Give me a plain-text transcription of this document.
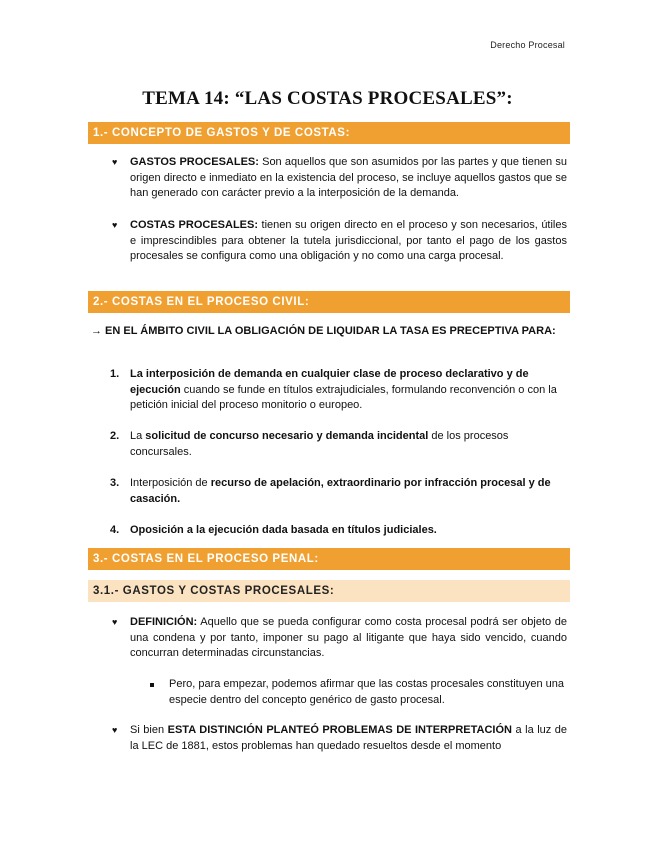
Derecho Procesal
TEMA 14: “LAS COSTAS PROCESALES”:
1.- CONCEPTO DE GASTOS Y DE COSTAS:
♥ GASTOS PROCESALES: Son aquellos que son asumidos por las partes y que tienen su origen directo e inmediato en la existencia del proceso, se incluye aquellos gastos que se han generado con carácter previo a la interposición de la demanda.
♥ COSTAS PROCESALES: tienen su origen directo en el proceso y son necesarios, útiles e imprescindibles para obtener la tutela jurisdiccional, por tanto el pago de los gastos procesales se configura como una obligación y no como una carga procesal.
2.- COSTAS EN EL PROCESO CIVIL:
→ EN EL ÁMBITO CIVIL LA OBLIGACIÓN DE LIQUIDAR LA TASA ES PRECEPTIVA PARA:
1. La interposición de demanda en cualquier clase de proceso declarativo y de ejecución cuando se funde en títulos extrajudiciales, formulando reconvención o con la petición inicial del proceso monitorio o europeo.
2. La solicitud de concurso necesario y demanda incidental de los procesos concursales.
3. Interposición de recurso de apelación, extraordinario por infracción procesal y de casación.
4. Oposición a la ejecución dada basada en títulos judiciales.
3.- COSTAS EN EL PROCESO PENAL:
3.1.- GASTOS Y COSTAS PROCESALES:
♥ DEFINICIÓN: Aquello que se pueda configurar como costa procesal podrá ser objeto de una condena y por tanto, imponer su pago al litigante que haya sido vencido, cuando concurran determinadas circunstancias.
Pero, para empezar, podemos afirmar que las costas procesales constituyen una especie dentro del concepto genérico de gasto procesal.
♥ Si bien ESTA DISTINCIÓN PLANTEÓ PROBLEMAS DE INTERPRETACIÓN a la luz de la LEC de 1881, estos problemas han quedado resueltos desde el momento
